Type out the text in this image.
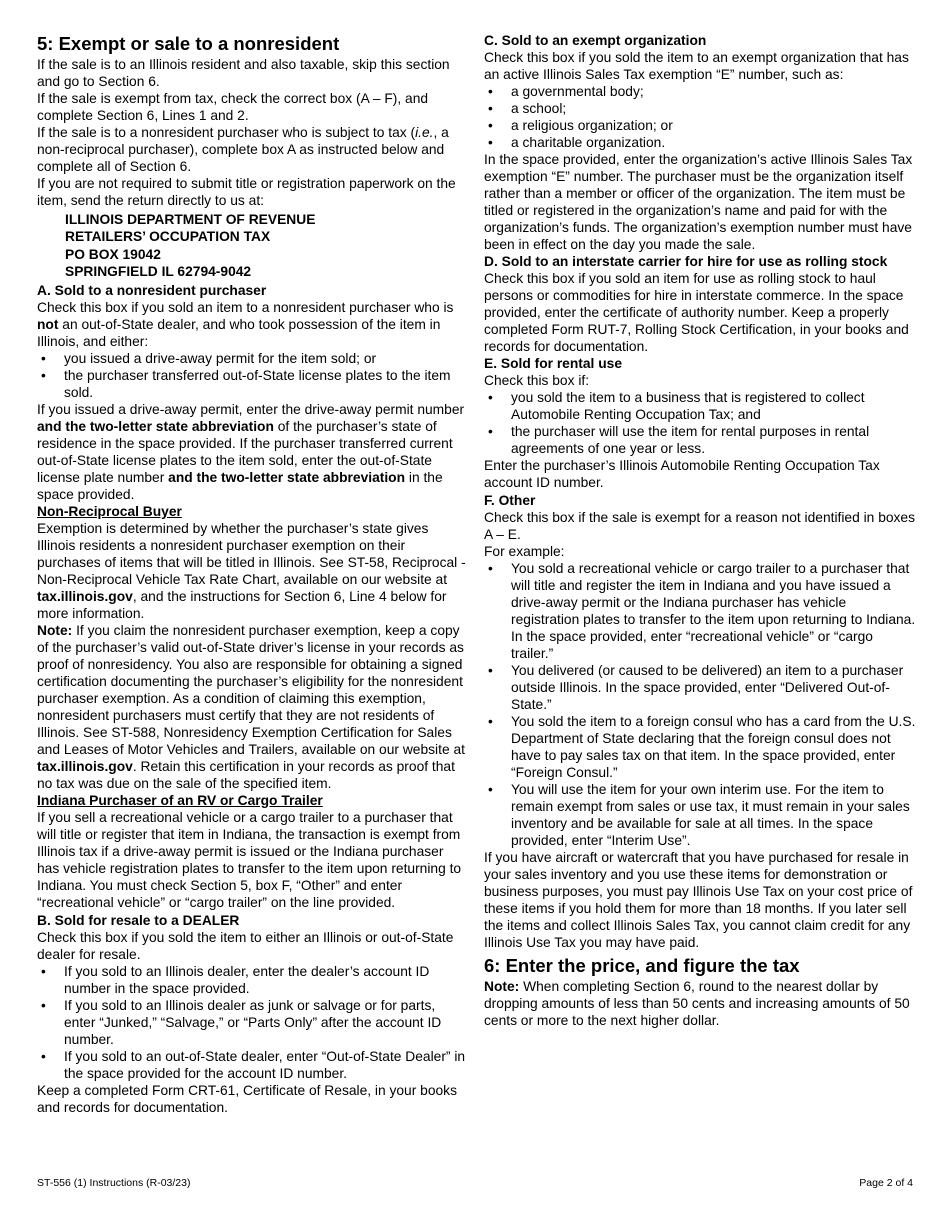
5: Exempt or sale to a nonresident

If the sale is to an Illinois resident and also taxable, skip this section and go to Section 6.

If the sale is exempt from tax, check the correct box (A – F), and complete Section 6, Lines 1 and 2.

If the sale is to a nonresident purchaser who is subject to tax (i.e., a non-reciprocal purchaser), complete box A as instructed below and complete all of Section 6.

If you are not required to submit title or registration paperwork on the item, send the return directly to us at:

ILLINOIS DEPARTMENT OF REVENUE
RETAILERS’ OCCUPATION TAX
PO BOX 19042
SPRINGFIELD IL 62794-9042

A. Sold to a nonresident purchaser

Check this box if you sold an item to a nonresident purchaser who is not an out-of-State dealer, and who took possession of the item in Illinois, and either:

• you issued a drive-away permit for the item sold; or
• the purchaser transferred out-of-State license plates to the item sold.

If you issued a drive-away permit, enter the drive-away permit number and the two-letter state abbreviation of the purchaser’s state of residence in the space provided. If the purchaser transferred current out-of-State license plates to the item sold, enter the out-of-State license plate number and the two-letter state abbreviation in the space provided.

Non-Reciprocal Buyer

Exemption is determined by whether the purchaser’s state gives Illinois residents a nonresident purchaser exemption on their purchases of items that will be titled in Illinois. See ST-58, Reciprocal - Non-Reciprocal Vehicle Tax Rate Chart, available on our website at tax.illinois.gov, and the instructions for Section 6, Line 4 below for more information.

Note: If you claim the nonresident purchaser exemption, keep a copy of the purchaser’s valid out-of-State driver’s license in your records as proof of nonresidency. You also are responsible for obtaining a signed certification documenting the purchaser’s eligibility for the nonresident purchaser exemption. As a condition of claiming this exemption, nonresident purchasers must certify that they are not residents of Illinois. See ST-588, Nonresidency Exemption Certification for Sales and Leases of Motor Vehicles and Trailers, available on our website at tax.illinois.gov. Retain this certification in your records as proof that no tax was due on the sale of the specified item.

Indiana Purchaser of an RV or Cargo Trailer

If you sell a recreational vehicle or a cargo trailer to a purchaser that will title or register that item in Indiana, the transaction is exempt from Illinois tax if a drive-away permit is issued or the Indiana purchaser has vehicle registration plates to transfer to the item upon returning to Indiana. You must check Section 5, box F, “Other” and enter “recreational vehicle” or “cargo trailer” on the line provided.

B. Sold for resale to a DEALER

Check this box if you sold the item to either an Illinois or out-of-State dealer for resale.

• If you sold to an Illinois dealer, enter the dealer’s account ID number in the space provided.
• If you sold to an Illinois dealer as junk or salvage or for parts, enter “Junked,” “Salvage,” or “Parts Only” after the account ID number.
• If you sold to an out-of-State dealer, enter “Out-of-State Dealer” in the space provided for the account ID number.

Keep a completed Form CRT-61, Certificate of Resale, in your books and records for documentation.

C. Sold to an exempt organization

Check this box if you sold the item to an exempt organization that has an active Illinois Sales Tax exemption “E” number, such as:

• a governmental body;
• a school;
• a religious organization; or
• a charitable organization.

In the space provided, enter the organization’s active Illinois Sales Tax exemption “E” number. The purchaser must be the organization itself rather than a member or officer of the organization. The item must be titled or registered in the organization’s name and paid for with the organization’s funds. The organization’s exemption number must have been in effect on the day you made the sale.

D. Sold to an interstate carrier for hire for use as rolling stock

Check this box if you sold an item for use as rolling stock to haul persons or commodities for hire in interstate commerce. In the space provided, enter the certificate of authority number. Keep a properly completed Form RUT-7, Rolling Stock Certification, in your books and records for documentation.

E. Sold for rental use

Check this box if:

• you sold the item to a business that is registered to collect Automobile Renting Occupation Tax; and
• the purchaser will use the item for rental purposes in rental agreements of one year or less.

Enter the purchaser’s Illinois Automobile Renting Occupation Tax account ID number.

F. Other

Check this box if the sale is exempt for a reason not identified in boxes A – E.

For example:

• You sold a recreational vehicle or cargo trailer to a purchaser that will title and register the item in Indiana and you have issued a drive-away permit or the Indiana purchaser has vehicle registration plates to transfer to the item upon returning to Indiana. In the space provided, enter “recreational vehicle” or “cargo trailer.”
• You delivered (or caused to be delivered) an item to a purchaser outside Illinois. In the space provided, enter “Delivered Out-of-State.”
• You sold the item to a foreign consul who has a card from the U.S. Department of State declaring that the foreign consul does not have to pay sales tax on that item. In the space provided, enter “Foreign Consul.”
• You will use the item for your own interim use. For the item to remain exempt from sales or use tax, it must remain in your sales inventory and be available for sale at all times. In the space provided, enter “Interim Use”.

If you have aircraft or watercraft that you have purchased for resale in your sales inventory and you use these items for demonstration or business purposes, you must pay Illinois Use Tax on your cost price of these items if you hold them for more than 18 months. If you later sell the items and collect Illinois Sales Tax, you cannot claim credit for any Illinois Use Tax you may have paid.

6: Enter the price, and figure the tax

Note: When completing Section 6, round to the nearest dollar by dropping amounts of less than 50 cents and increasing amounts of 50 cents or more to the next higher dollar.

ST-556 (1) Instructions (R-03/23)	Page 2 of 4
